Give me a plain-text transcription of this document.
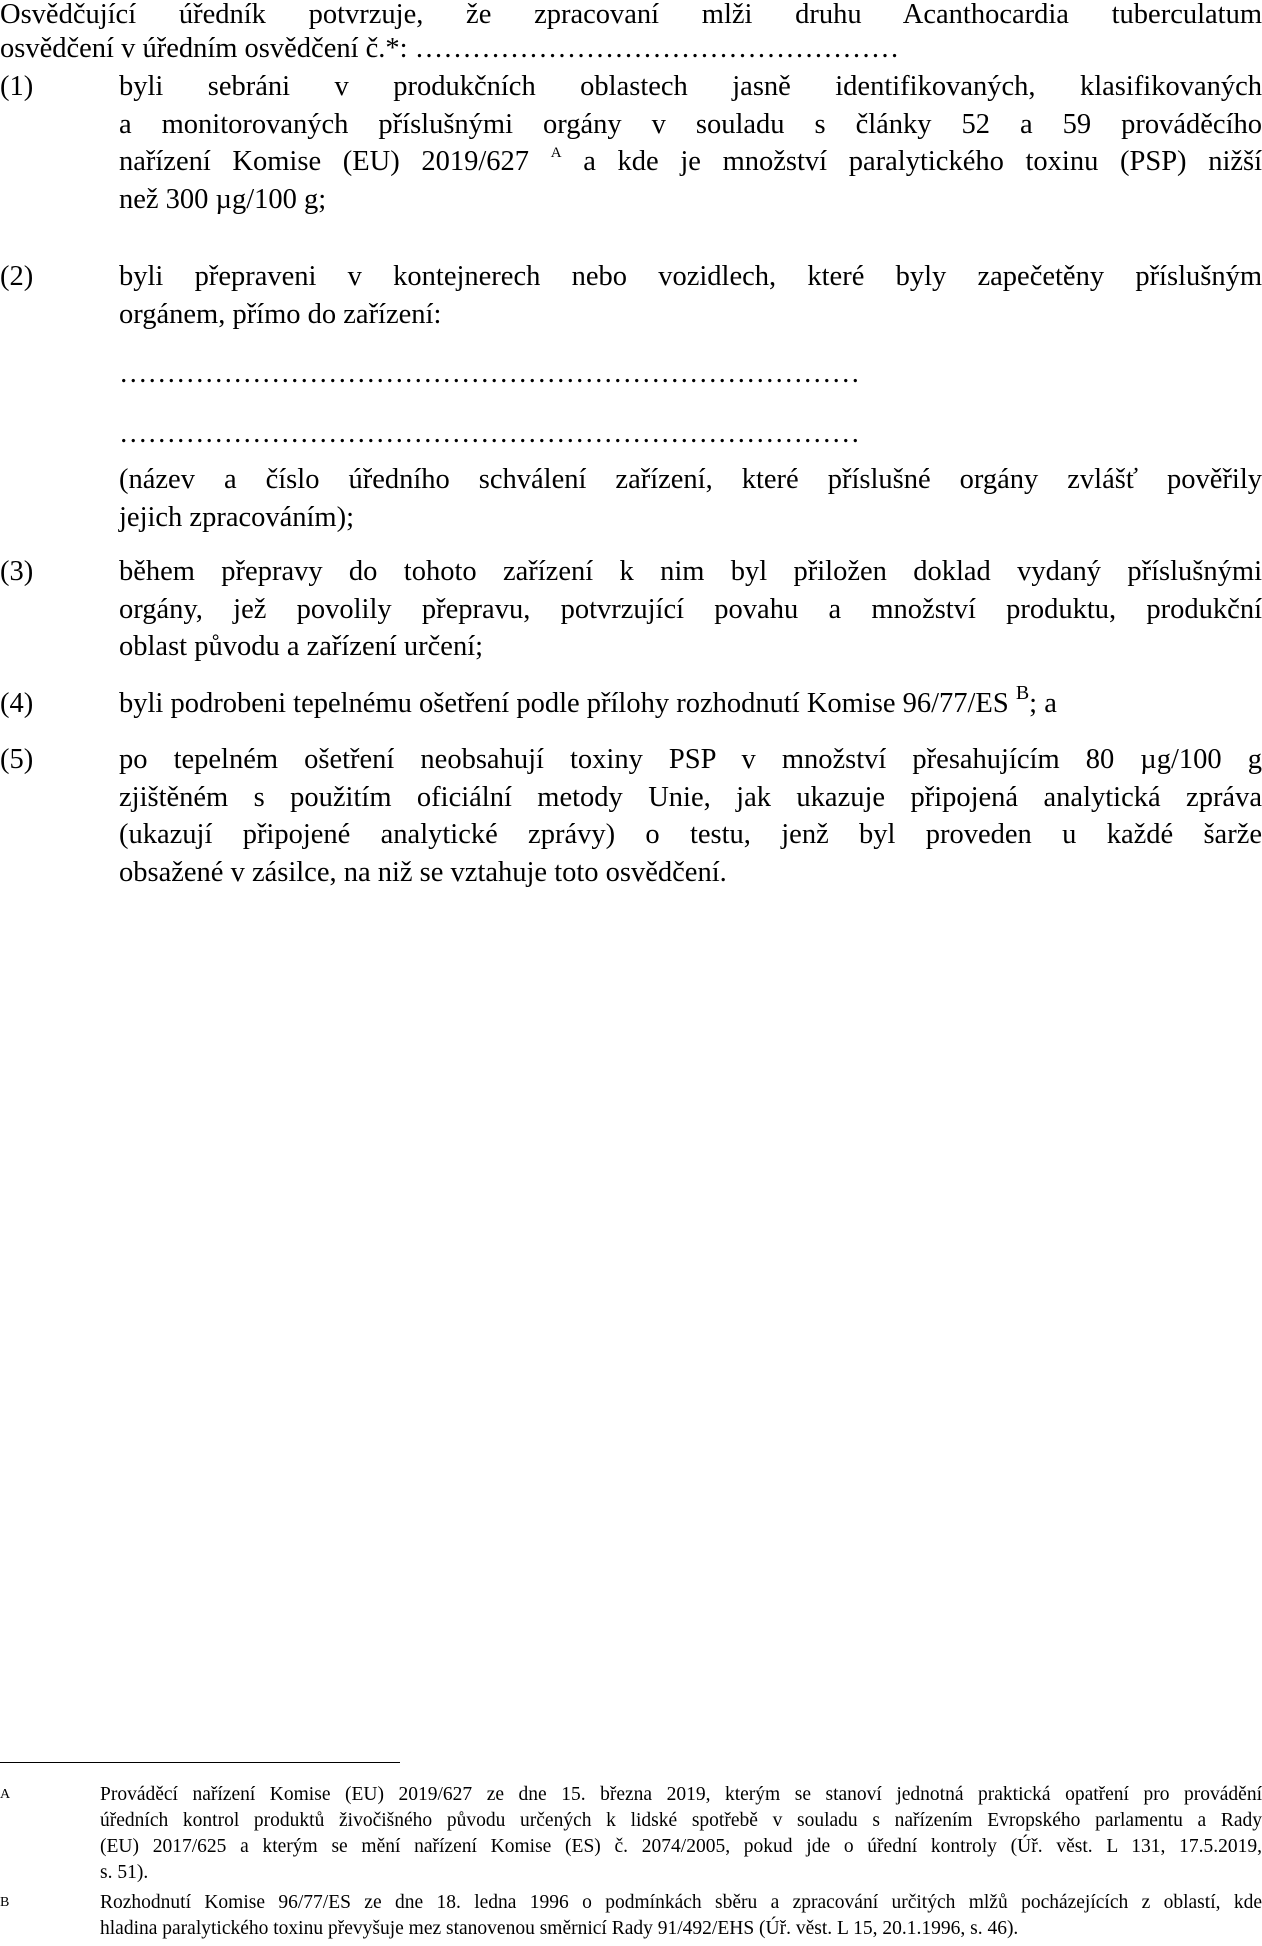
Osvědčující úředník potvrzuje, že zpracovaní mlži druhu Acanthocardia tuberculatum
osvědčení v úředním osvědčení č.*: ……………………………………………
(1)	byli sebráni v produkčních oblastech jasně identifikovaných, klasifikovaných
a monitorovaných příslušnými orgány v souladu s články 52 a 59 prováděcího
nařízení Komise (EU) 2019/627 $^A$ a kde je množství paralytického toxinu (PSP) nižší
než 300 µg/100 g;
(2)	byli přepraveni v kontejnerech nebo vozidlech, které byly zapečetěny příslušným
orgánem, přímo do zařízení:
……………………………………………………………………
……………………………………………………………………
(název a číslo úředního schválení zařízení, které příslušné orgány zvlášť pověřily
jejich zpracováním);
(3)	během přepravy do tohoto zařízení k nim byl přiložen doklad vydaný příslušnými
orgány, jež povolily přepravu, potvrzující povahu a množství produktu, produkční
oblast původu a zařízení určení;
(4)	byli podrobeni tepelnému ošetření podle přílohy rozhodnutí Komise 96/77/ES $^B$; a
(5)	po tepelném ošetření neobsahují toxiny PSP v množství přesahujícím 80 µg/100 g
zjištěném s použitím oficiální metody Unie, jak ukazuje připojená analytická zpráva
(ukazují připojené analytické zprávy) o testu, jenž byl proveden u každé šarže
obsažené v zásilce, na niž se vztahuje toto osvědčení.
A	Prováděcí nařízení Komise (EU) 2019/627 ze dne 15. března 2019, kterým se stanoví jednotná praktická opatření pro provádění
úředních kontrol produktů živočišného původu určených k lidské spotřebě v souladu s nařízením Evropského parlamentu a Rady
(EU) 2017/625 a kterým se mění nařízení Komise (ES) č. 2074/2005, pokud jde o úřední kontroly (Úř. věst. L 131, 17.5.2019,
s. 51).
B	Rozhodnutí Komise 96/77/ES ze dne 18. ledna 1996 o podmínkách sběru a zpracování určitých mlžů pocházejících z oblastí, kde
hladina paralytického toxinu převyšuje mez stanovenou směrnicí Rady 91/492/EHS (Úř. věst. L 15, 20.1.1996, s. 46).
